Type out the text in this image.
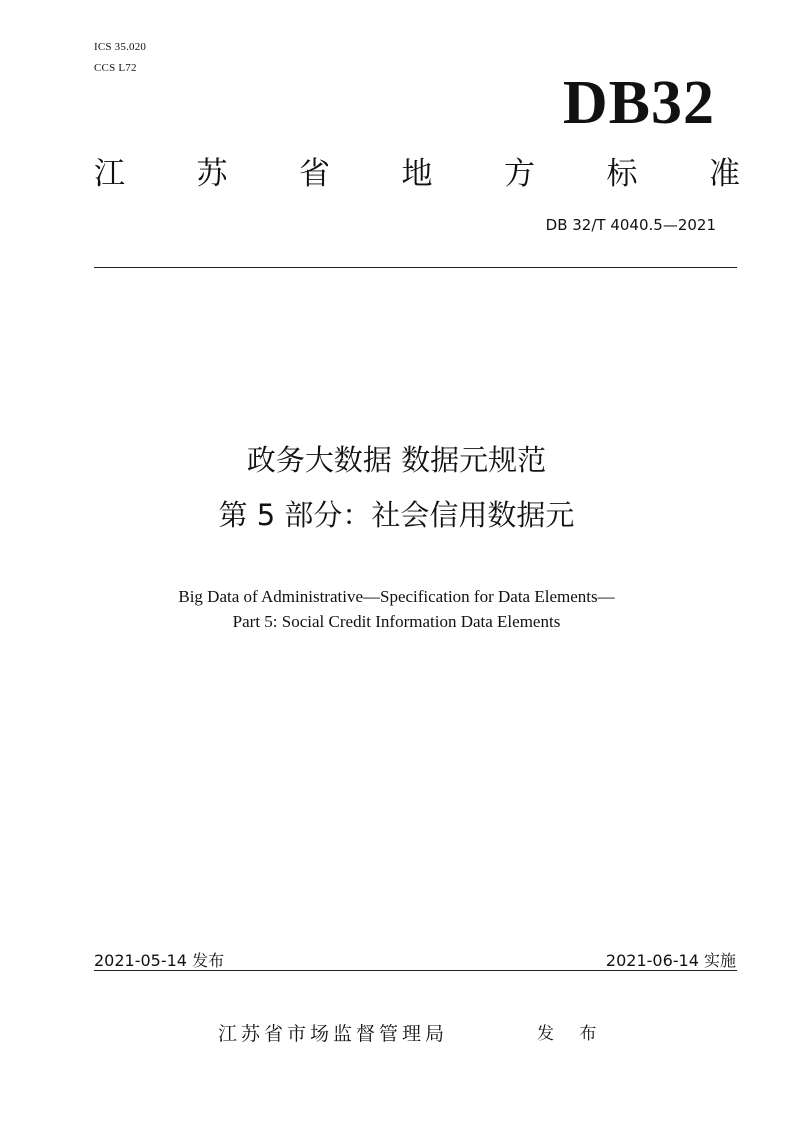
ICS 35.020
CCS L72
DB32
江 苏 省 地 方 标 准
DB 32/T 4040.5—2021
政务大数据 数据元规范
第 5 部分：社会信用数据元
Big Data of Administrative—Specification for Data Elements—
Part 5: Social Credit Information Data Elements
2021-05-14 发布	2021-06-14 实施
江苏省市场监督管理局	发 布
